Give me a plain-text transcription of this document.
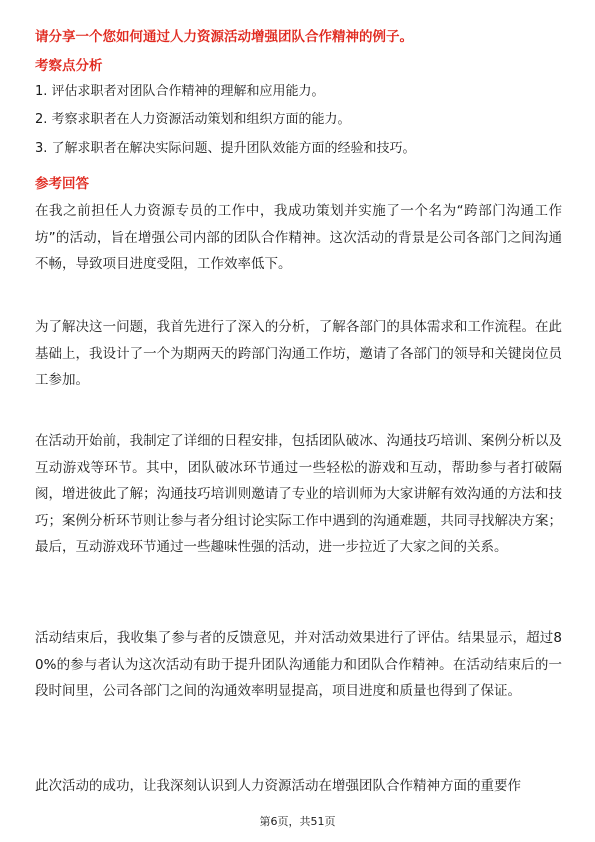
请分享一个您如何通过人力资源活动增强团队合作精神的例子。
考察点分析
1. 评估求职者对团队合作精神的理解和应用能力。
2. 考察求职者在人力资源活动策划和组织方面的能力。
3. 了解求职者在解决实际问题、提升团队效能方面的经验和技巧。
参考回答
在我之前担任人力资源专员的工作中，我成功策划并实施了一个名为“跨部门沟通工作坊”的活动，旨在增强公司内部的团队合作精神。这次活动的背景是公司各部门之间沟通不畅，导致项目进度受阻，工作效率低下。
为了解决这一问题，我首先进行了深入的分析，了解各部门的具体需求和工作流程。在此基础上，我设计了一个为期两天的跨部门沟通工作坊，邀请了各部门的领导和关键岗位员工参加。
在活动开始前，我制定了详细的日程安排，包括团队破冰、沟通技巧培训、案例分析以及互动游戏等环节。其中，团队破冰环节通过一些轻松的游戏和互动，帮助参与者打破隔阂，增进彼此了解；沟通技巧培训则邀请了专业的培训师为大家讲解有效沟通的方法和技巧；案例分析环节则让参与者分组讨论实际工作中遇到的沟通难题，共同寻找解决方案；最后，互动游戏环节通过一些趣味性强的活动，进一步拉近了大家之间的关系。
活动结束后，我收集了参与者的反馈意见，并对活动效果进行了评估。结果显示，超过80%的参与者认为这次活动有助于提升团队沟通能力和团队合作精神。在活动结束后的一段时间里，公司各部门之间的沟通效率明显提高，项目进度和质量也得到了保证。
此次活动的成功，让我深刻认识到人力资源活动在增强团队合作精神方面的重要作
第6页，共51页
